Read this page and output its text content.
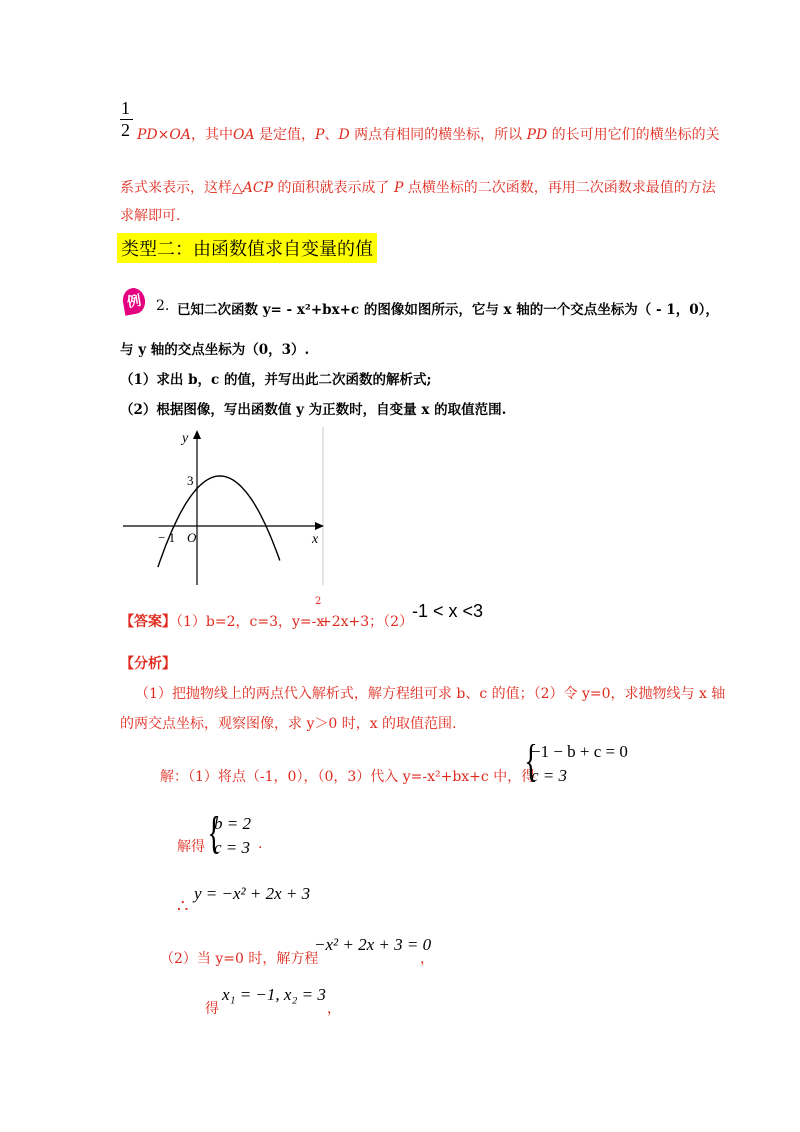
1
2 PD×OA，其中OA 是定值，P、D 两点有相同的横坐标，所以 PD 的长可用它们的横坐标的关
系式来表示，这样△ACP 的面积就表示成了 P 点横坐标的二次函数，再用二次函数求最值的方法
求解即可.
类型二：由函数值求自变量的值
例 2. 已知二次函数 y= - x²+bx+c 的图像如图所示，它与 x 轴的一个交点坐标为（ - 1，0），
与 y 轴的交点坐标为（0，3）.
（1）求出 b，c 的值，并写出此二次函数的解析式;
（2）根据图像，写出函数值 y 为正数时，自变量 x 的取值范围.
y
x
3
− 1 O
【答案】（1）b=2，c=3，y=-x
2
+2x+3；（2）
-1 < x <3
【分析】
（1）把抛物线上的两点代入解析式，解方程组可求 b、c 的值；（2）令 y=0，求抛物线与 x 轴
的两交点坐标，观察图像，求 y＞0 时，x 的取值范围.
解：（1）将点（-1，0），（0，3）代入 y=-x²+bx+c 中，得
{
−1 − b + c = 0
c = 3
解得 {
b = 2
c = 3 .
∴
y = −x² + 2x + 3
（2）当 y=0 时，解方程
−x² + 2x + 3 = 0
，
得
x₁ = −1, x₂ = 3
，
